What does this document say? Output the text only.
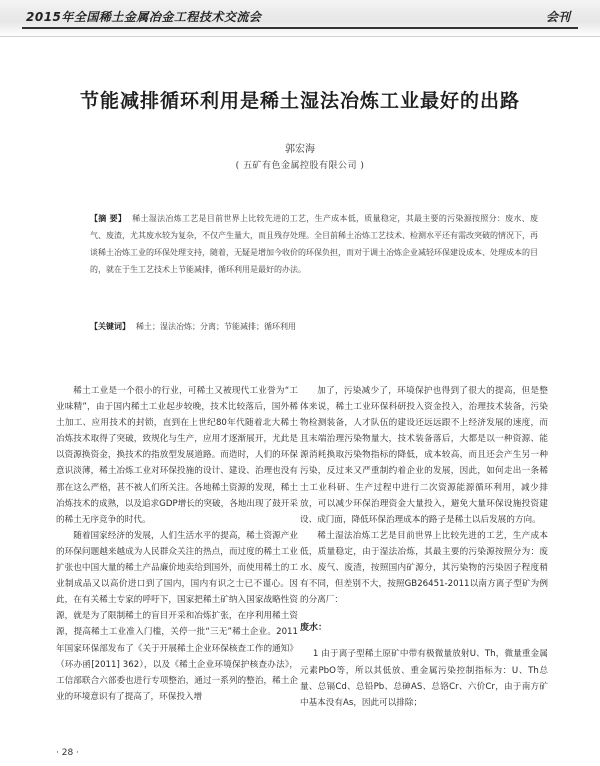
2015年全国稀土金属冶金工程技术交流会	会刊
节能减排循环利用是稀土湿法冶炼工业最好的出路
郭宏海
( 五矿有色金属控股有限公司 )
【摘 要】 稀土湿法冶炼工艺是目前世界上比较先进的工艺，生产成本低，质量稳定，其最主要的污染源按照分：废水、废气、废渣，尤其废水较为复杂，不仅产生量大，而且残存处理。全目前稀土冶炼工艺技术、检测水平还有需改突破的情况下，再谈稀土冶炼工业的环保处理支持，随着，无疑是增加今收价的环保负担，而对于调土冶炼企业减轻环保建设成本、处理成本的目的，就在于生工艺技术上节能减排，循环利用是最好的办法。
【关键词】 稀土；湿法冶炼；分离；节能减排；循环利用

稀土工业是一个很小的行业，可稀土又被现代工业誉为“工业味精”，由于国内稀土工业起步较晚，技术比较落后，国外稀土加工、应用技术的封锁，直到在上世纪80年代随着北大稀土冶炼技术取得了突破，致规化与生产，应用才逐渐展开，尤此是以资源换资金，换技术的指放型发展道路。而造时，人们的环保意识淡薄，稀土冶炼工业对环保投施的设计、建设、治理也没有那在这么严格，甚不被人们所关注。各地稀土资源的发现，稀土冶炼技术的成熟，以及追求GDP增长的突破，各地出现了鼓开采的稀土无序竞争的时代。

随着国家经济的发展，人们生活水平的提高，稀土资源产业的环保问题越来越成为人民群众关注的热点，而过度的稀土工业扩张也中国大量的稀土产品廉价地卖给到国外，而使用稀土的工业制成品又以高价进口到了国内，国内有识之士已不谨心。因此，在有关稀土专家的呼吁下，国家把稀土矿纳入国家战略性资源，就是为了限制稀土的盲目开采和冶炼扩张，在序利用稀土资源，提高稀土工业准入门槛，关停一批“三无”稀土企业。2011年国家环保部发布了《关于开展稀土企业环保核查工作的通知》（环办函[2011] 362），以及《稀土企业环境保护核查办法》，工信部联合六部委也进行专项整治，通过一系列的整治，稀土企业的环境意识有了提高了，环保投入增

加了，污染减少了，环境保护也得到了很大的提高，但是整体来说，稀土工业环保科研投入资金投入，治理技术装备，污染物检测装备，人才队伍的建设还远远跟不上经济发展的速度，而且末端治理污染物量大，技术装备落后，大都是以一种资源、能源消耗换取污染物指标的降低，成本较高，而且还会产生另一种污染，反过来又严重制约着企业的发展，因此，如何走出一条稀土工业科研、生产过程中进行二次资源能源循环利用，减少排放，可以减少环保治理资金大量投入，避免大量环保设施投资建设、成门面，降低环保治理成本的路子是稀土以后发展的方向。

稀土湿法冶炼工艺是目前世界上比较先进的工艺，生产成本低，质量稳定，由于湿法冶炼，其最主要的污染源按照分为：废水、废气、废渣，按照国内矿源分，其污染物的污染因子程度稍有不同，但差别不大，按照GB26451-2011以南方离子型矿为例的分离厂：

废水：

1 由于离子型稀土原矿中带有极微量放射U、Th，微量重金属元素PbO等，所以其低放、重金属污染控制指标为：U、Th总量、总镉Cd、总铅Pb、总砷AS、总铬Cr、六价Cr，由于南方矿中基本没有As，因此可以排除；

· 28 ·
